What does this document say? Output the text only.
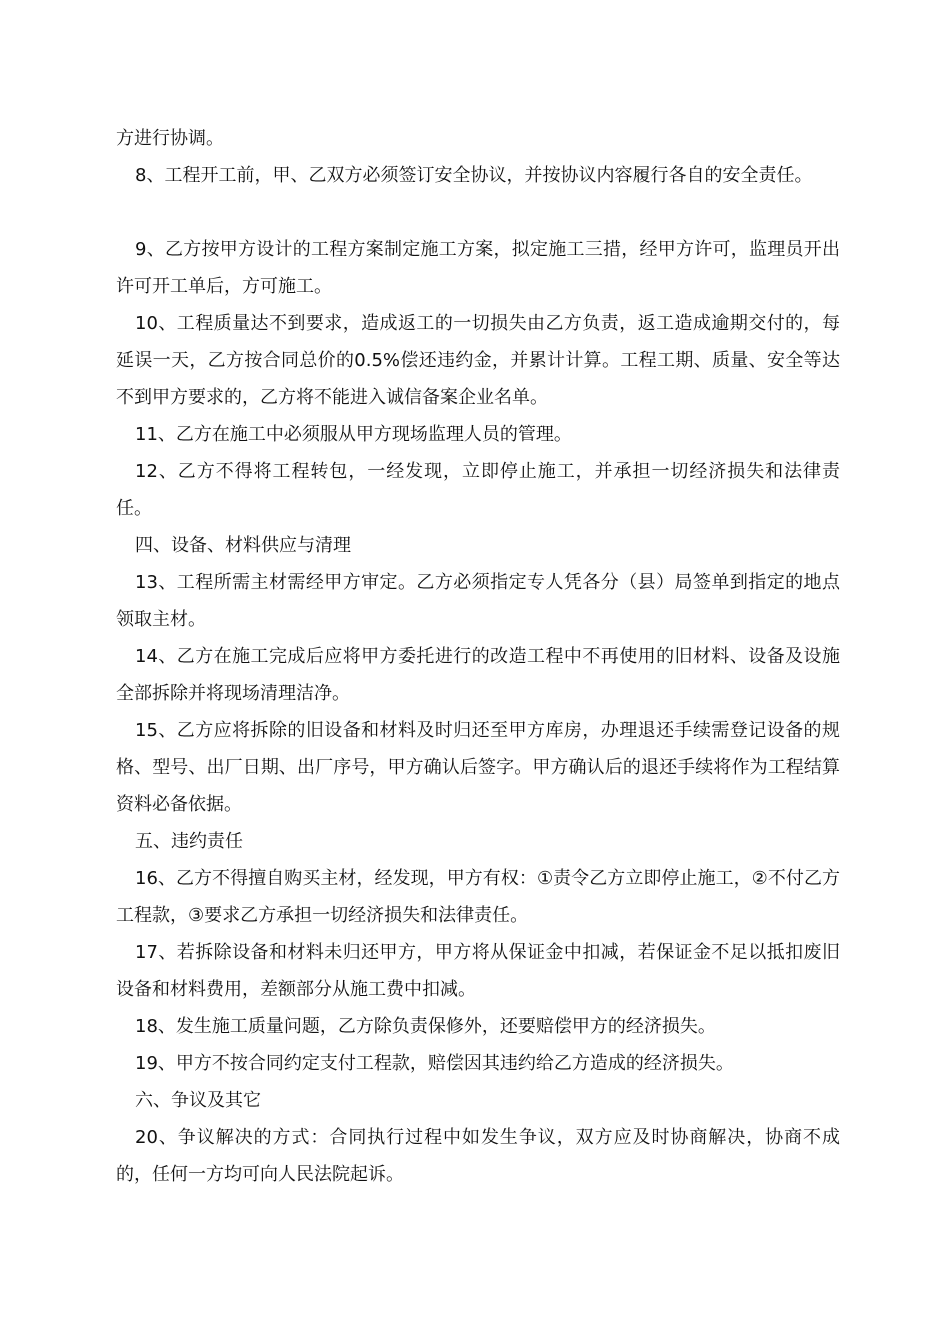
方进行协调。

8、工程开工前，甲、乙双方必须签订安全协议，并按协议内容履行各自的安全责任。

9、乙方按甲方设计的工程方案制定施工方案，拟定施工三措，经甲方许可，监理员开出许可开工单后，方可施工。

10、工程质量达不到要求，造成返工的一切损失由乙方负责，返工造成逾期交付的，每延误一天，乙方按合同总价的0.5%偿还违约金，并累计计算。工程工期、质量、安全等达不到甲方要求的，乙方将不能进入诚信备案企业名单。

11、乙方在施工中必须服从甲方现场监理人员的管理。

12、乙方不得将工程转包，一经发现，立即停止施工，并承担一切经济损失和法律责任。

四、设备、材料供应与清理

13、工程所需主材需经甲方审定。乙方必须指定专人凭各分（县）局签单到指定的地点领取主材。

14、乙方在施工完成后应将甲方委托进行的改造工程中不再使用的旧材料、设备及设施全部拆除并将现场清理洁净。

15、乙方应将拆除的旧设备和材料及时归还至甲方库房，办理退还手续需登记设备的规格、型号、出厂日期、出厂序号，甲方确认后签字。甲方确认后的退还手续将作为工程结算资料必备依据。

五、违约责任

16、乙方不得擅自购买主材，经发现，甲方有权：①责令乙方立即停止施工，②不付乙方工程款，③要求乙方承担一切经济损失和法律责任。

17、若拆除设备和材料未归还甲方，甲方将从保证金中扣减，若保证金不足以抵扣废旧设备和材料费用，差额部分从施工费中扣减。

18、发生施工质量问题，乙方除负责保修外，还要赔偿甲方的经济损失。

19、甲方不按合同约定支付工程款，赔偿因其违约给乙方造成的经济损失。

六、争议及其它

20、争议解决的方式：合同执行过程中如发生争议，双方应及时协商解决，协商不成的，任何一方均可向人民法院起诉。
